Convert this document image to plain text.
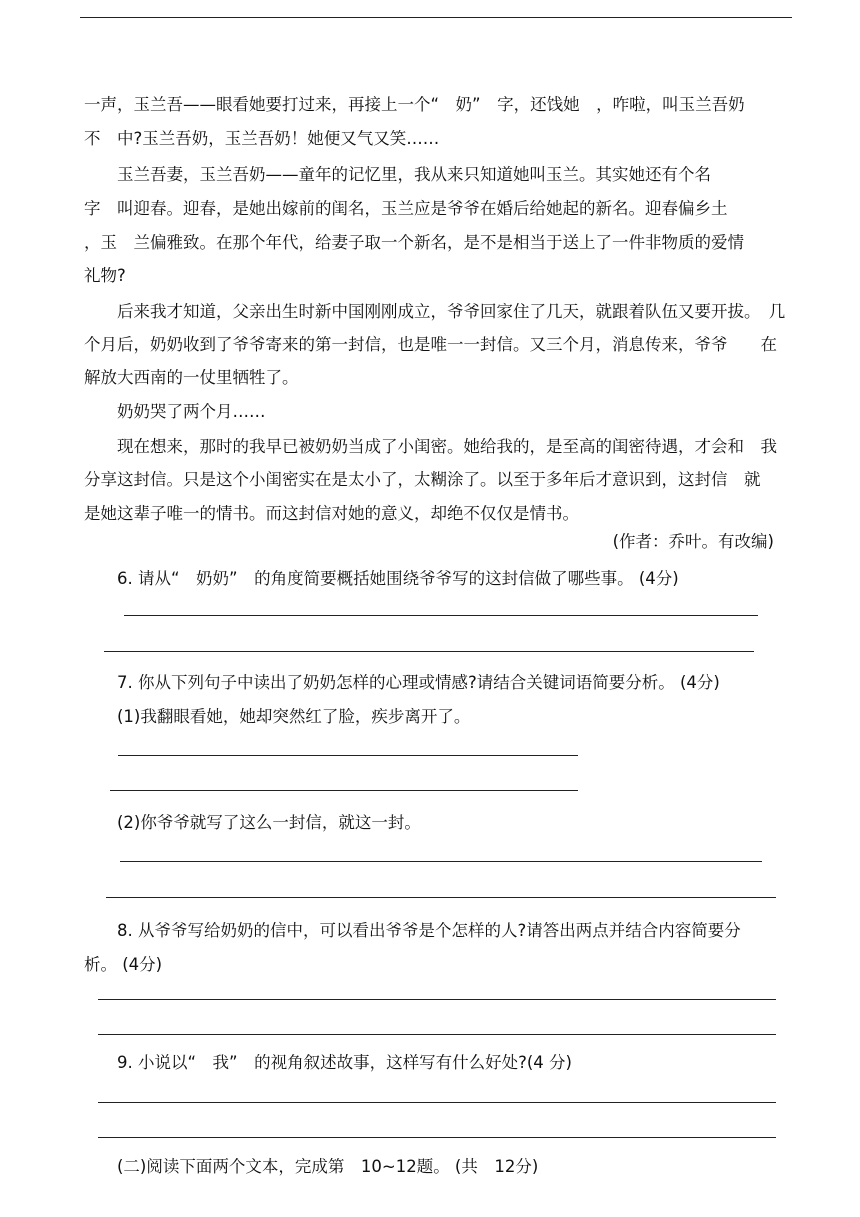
一声，玉兰吾——眼看她要打过来，再接上一个“　奶”　字，还饯她　，咋啦，叫玉兰吾奶
不　中?玉兰吾奶，玉兰吾奶！她便又气又笑……
玉兰吾妻，玉兰吾奶——童年的记忆里，我从来只知道她叫玉兰。其实她还有个名
字　叫迎春。迎春，是她出嫁前的闺名，玉兰应是爷爷在婚后给她起的新名。迎春偏乡土
，玉　兰偏雅致。在那个年代，给妻子取一个新名，是不是相当于送上了一件非物质的爱情
礼物?
后来我才知道，父亲出生时新中国刚刚成立，爷爷回家住了几天，就跟着队伍又要开拔。　几
个月后，奶奶收到了爷爷寄来的第一封信，也是唯一一封信。又三个月，消息传来，爷爷　　在
解放大西南的一仗里牺牲了。
奶奶哭了两个月……
现在想来，那时的我早已被奶奶当成了小闺密。她给我的，是至高的闺密待遇，才会和　我
分享这封信。只是这个小闺密实在是太小了，太糊涂了。以至于多年后才意识到，这封信　就
是她这辈子唯一的情书。而这封信对她的意义，却绝不仅仅是情书。
(作者：乔叶。有改编)
6. 请从“　奶奶”　的角度简要概括她围绕爷爷写的这封信做了哪些事。 (4分)
7. 你从下列句子中读出了奶奶怎样的心理或情感?请结合关键词语简要分析。 (4分)
(1)我翻眼看她，她却突然红了脸，疾步离开了。
(2)你爷爷就写了这么一封信，就这一封。
8. 从爷爷写给奶奶的信中，可以看出爷爷是个怎样的人?请答出两点并结合内容简要分
析。 (4分)
9. 小说以“　我”　的视角叙述故事，这样写有什么好处?(4 分)
(二)阅读下面两个文本，完成第　10~12题。 (共　12分)
